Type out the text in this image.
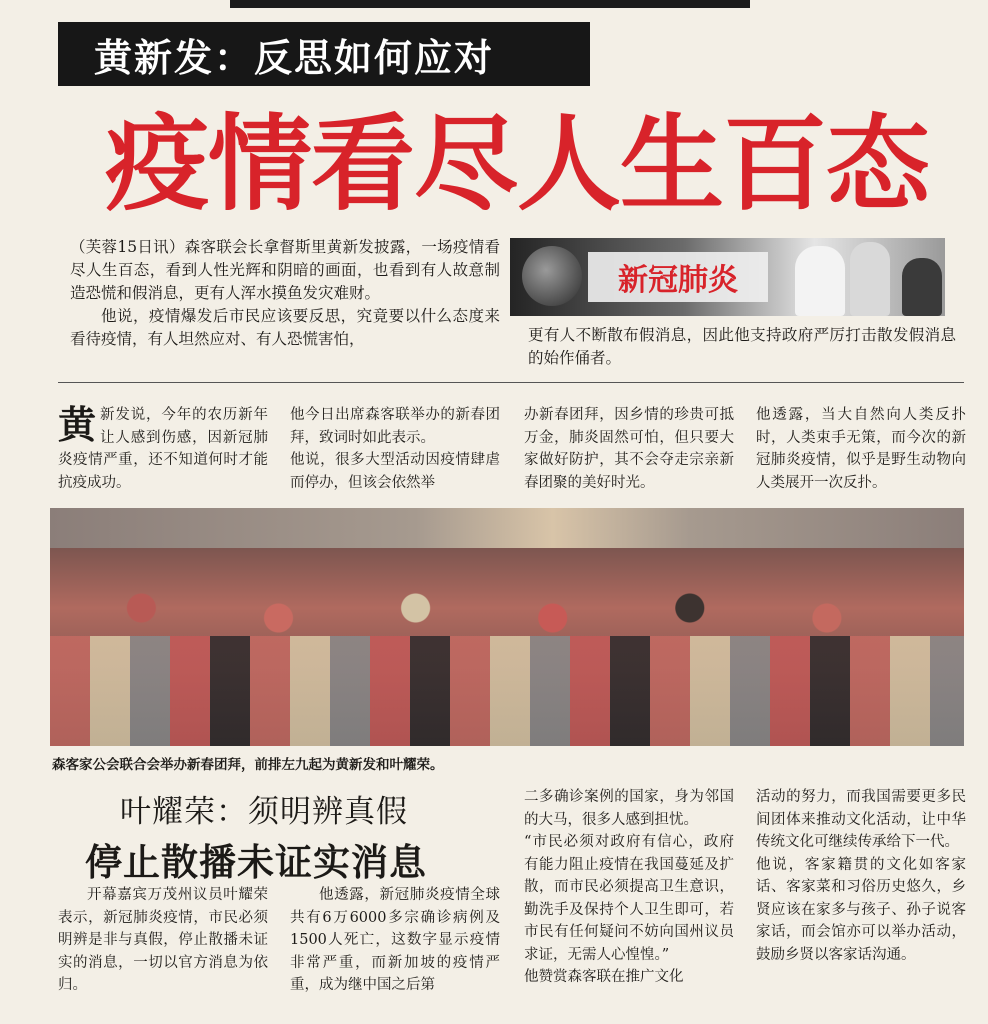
黄新发：反思如何应对
疫情看尽人生百态
（芙蓉15日讯）森客联会长拿督斯里黄新发披露，一场疫情看尽人生百态，看到人性光辉和阴暗的画面，也看到有人故意制造恐慌和假消息，更有人浑水摸鱼发灾难财。
他说，疫情爆发后市民应该要反思，究竟要以什么态度来看待疫情，有人坦然应对、有人恐慌害怕，
新冠肺炎
更有人不断散布假消息，因此他支持政府严厉打击散发假消息的始作俑者。
黄 新发说，今年的农历新年让人感到伤感，因新冠肺炎疫情严重，还不知道何时才能抗疫成功。
他今日出席森客联举办的新春团拜，致词时如此表示。
他说，很多大型活动因疫情肆虐而停办，但该会依然举
办新春团拜，因乡情的珍贵可抵万金，肺炎固然可怕，但只要大家做好防护，其不会夺走宗亲新春团聚的美好时光。
他透露，当大自然向人类反扑时，人类束手无策，而今次的新冠肺炎疫情，似乎是野生动物向人类展开一次反扑。
森客家公会联合会举办新春团拜，前排左九起为黄新发和叶耀荣。
叶耀荣：须明辨真假
停止散播未证实消息
开幕嘉宾万茂州议员叶耀荣表示，新冠肺炎疫情，市民必须明辨是非与真假，停止散播未证实的消息，一切以官方消息为依归。
他透露，新冠肺炎疫情全球共有6万6000多宗确诊病例及1500人死亡，这数字显示疫情非常严重，而新加坡的疫情严重，成为继中国之后第
二多确诊案例的国家，身为邻国的大马，很多人感到担忧。
“市民必须对政府有信心，政府有能力阻止疫情在我国蔓延及扩散，而市民必须提高卫生意识，勤洗手及保持个人卫生即可，若市民有任何疑问不妨向国州议员求证，无需人心惶惶。”
他赞赏森客联在推广文化
活动的努力，而我国需要更多民间团体来推动文化活动，让中华传统文化可继续传承给下一代。
他说，客家籍贯的文化如客家话、客家菜和习俗历史悠久，乡贤应该在家多与孩子、孙子说客家话，而会馆亦可以举办活动，鼓励乡贤以客家话沟通。
